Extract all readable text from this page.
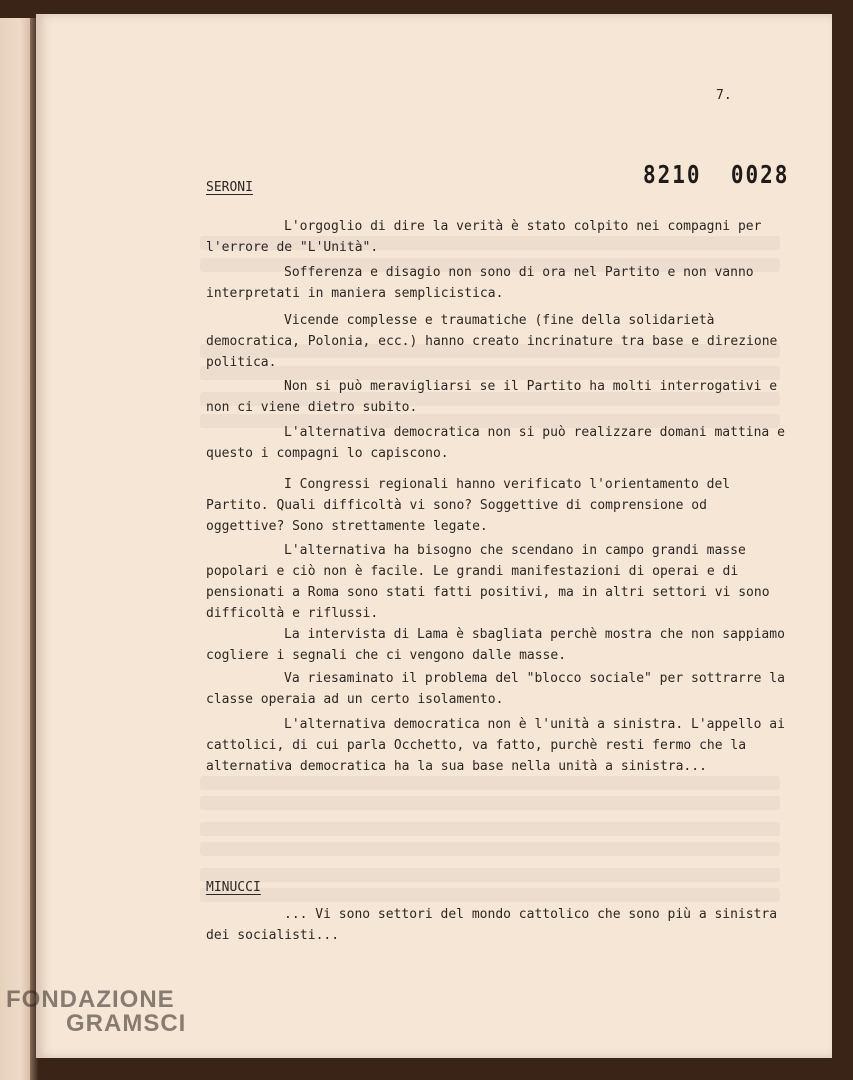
7.
8210  0028
SERONI

L'orgoglio di dire la verità è stato colpito nei compagni per l'errore de "L'Unità".

Sofferenza e disagio non sono di ora nel Partito e non vanno interpretati in maniera semplicistica.

Vicende complesse e traumatiche (fine della solidarietà democratica, Polonia, ecc.) hanno creato incrinature tra base e direzione politica.

Non si può meravigliarsi se il Partito ha molti interrogativi e non ci viene dietro subito.

L'alternativa democratica non si può realizzare domani mattina e questo i compagni lo capiscono.

I Congressi regionali hanno verificato l'orientamento del Partito. Quali difficoltà vi sono? Soggettive di comprensione od oggettive? Sono strettamente legate.

L'alternativa ha bisogno che scendano in campo grandi masse popolari e ciò non è facile. Le grandi manifestazioni di operai e di pensionati a Roma sono stati fatti positivi, ma in altri settori vi sono difficoltà e riflussi.

La intervista di Lama è sbagliata perchè mostra che non sappiamo cogliere i segnali che ci vengono dalle masse.

Va riesaminato il problema del "blocco sociale" per sottrarre la classe operaia ad un certo isolamento.

L'alternativa democratica non è l'unità a sinistra. L'appello ai cattolici, di cui parla Occhetto, va fatto, purchè resti fermo che la alternativa democratica ha la sua base nella unità a sinistra...

MINUCCI

... Vi sono settori del mondo cattolico che sono più a sinistra dei socialisti...

FONDAZIONE
GRAMSCI
